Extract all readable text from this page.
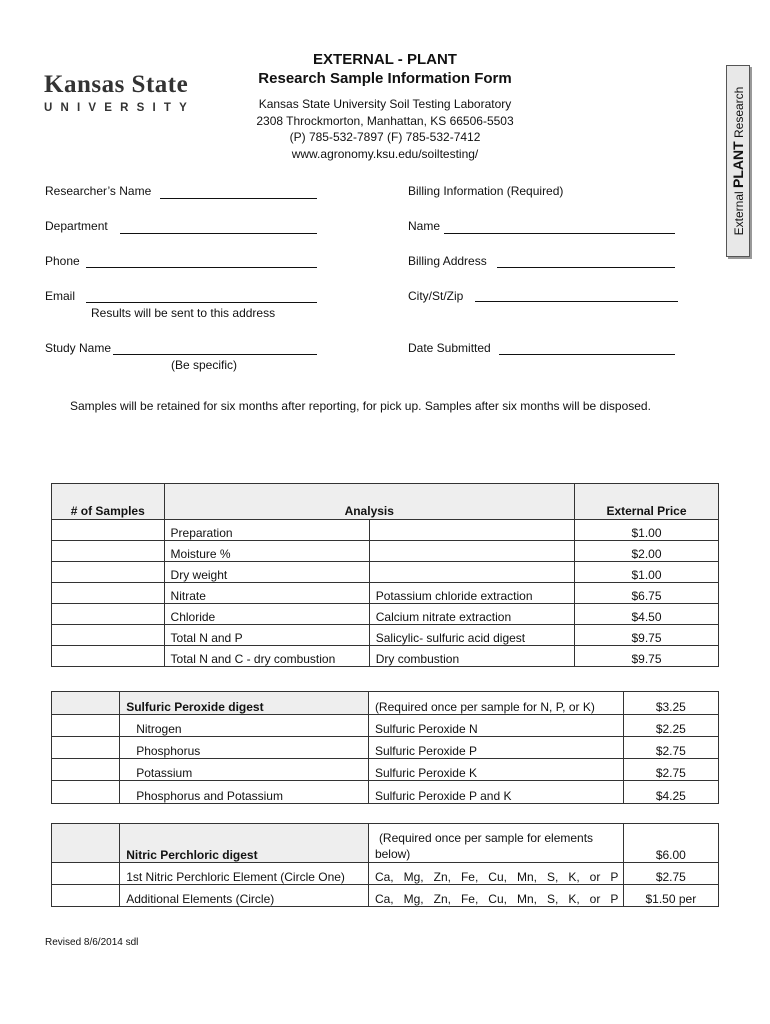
Kansas State
UNIVERSITY
EXTERNAL - PLANT
Research Sample Information Form
Kansas State University Soil Testing Laboratory
2308 Throckmorton, Manhattan, KS 66506-5503
(P) 785-532-7897 (F) 785-532-7412
www.agronomy.ksu.edu/soiltesting/
External PLANT Research
Researcher’s Name
Department
Phone
Email
Results will be sent to this address
Study Name
(Be specific)
Billing Information (Required)
Name
Billing Address
City/St/Zip
Date Submitted
Samples will be retained for six months after reporting, for pick up. Samples after six months will be disposed.
# of Samples	Analysis		External Price
	Preparation		$1.00
	Moisture %		$2.00
	Dry weight		$1.00
	Nitrate	Potassium chloride extraction	$6.75
	Chloride	Calcium nitrate extraction	$4.50
	Total N and P	Salicylic- sulfuric acid digest	$9.75
	Total N and C - dry combustion	Dry combustion	$9.75
	Sulfuric Peroxide digest	(Required once per sample for N, P, or K)	$3.25
	Nitrogen	Sulfuric Peroxide N	$2.25
	Phosphorus	Sulfuric Peroxide P	$2.75
	Potassium	Sulfuric Peroxide K	$2.75
	Phosphorus and Potassium	Sulfuric Peroxide P and K	$4.25
	Nitric Perchloric digest	(Required once per sample for elements
below)	$6.00
	1st Nitric Perchloric Element (Circle One)	Ca,   Mg,   Zn,   Fe,   Cu,   Mn,   S,   K,   or   P	$2.75
	Additional Elements (Circle)	Ca,   Mg,   Zn,   Fe,   Cu,   Mn,   S,   K,   or   P	$1.50 per
Revised 8/6/2014 sdl
